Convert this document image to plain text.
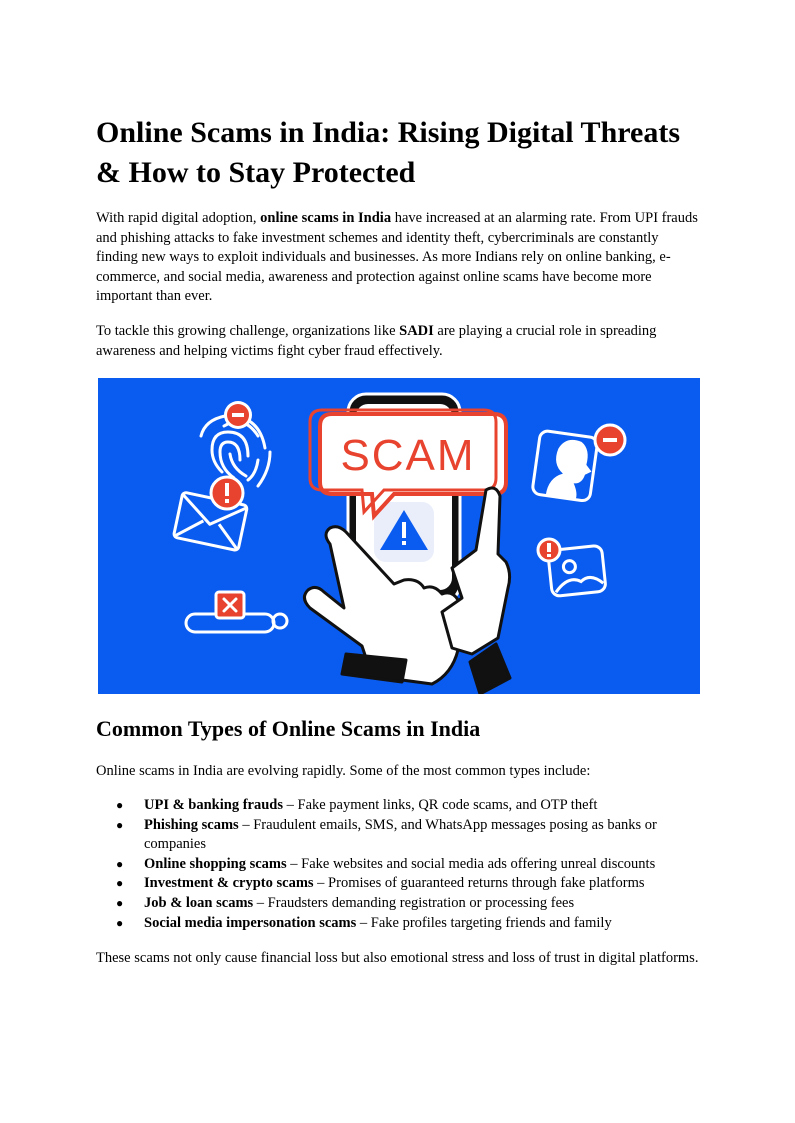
Online Scams in India: Rising Digital Threats & How to Stay Protected

With rapid digital adoption, online scams in India have increased at an alarming rate. From UPI frauds and phishing attacks to fake investment schemes and identity theft, cybercriminals are constantly finding new ways to exploit individuals and businesses. As more Indians rely on online banking, e-commerce, and social media, awareness and protection against online scams have become more important than ever.

To tackle this growing challenge, organizations like SADI are playing a crucial role in spreading awareness and helping victims fight cyber fraud effectively.

SCAM
Common Types of Online Scams in India

Online scams in India are evolving rapidly. Some of the most common types include:

● UPI & banking frauds – Fake payment links, QR code scams, and OTP theft
● Phishing scams – Fraudulent emails, SMS, and WhatsApp messages posing as banks or companies
● Online shopping scams – Fake websites and social media ads offering unreal discounts
● Investment & crypto scams – Promises of guaranteed returns through fake platforms
● Job & loan scams – Fraudsters demanding registration or processing fees
● Social media impersonation scams – Fake profiles targeting friends and family

These scams not only cause financial loss but also emotional stress and loss of trust in digital platforms.
